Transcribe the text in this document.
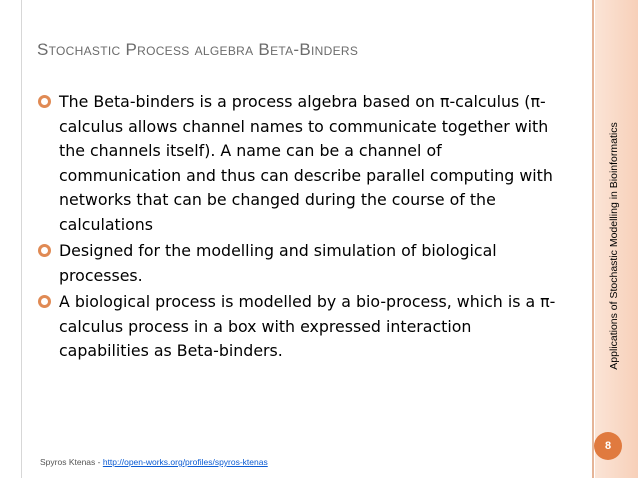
Applications of Stochastic Modelling in Bioinformatics
Stochastic Process algebra Beta-Binders
The Beta-binders is a process algebra based on π-calculus (π-calculus allows channel names to communicate together with the channels itself). A name can be a channel of communication and thus can describe parallel computing with networks that can be changed during the course of the calculations
Designed for the modelling and simulation of biological processes.
A biological process is modelled by a bio-process, which is a π-calculus process in a box with expressed interaction capabilities as Beta-binders.
8
Spyros Ktenas - http://open-works.org/profiles/spyros-ktenas
